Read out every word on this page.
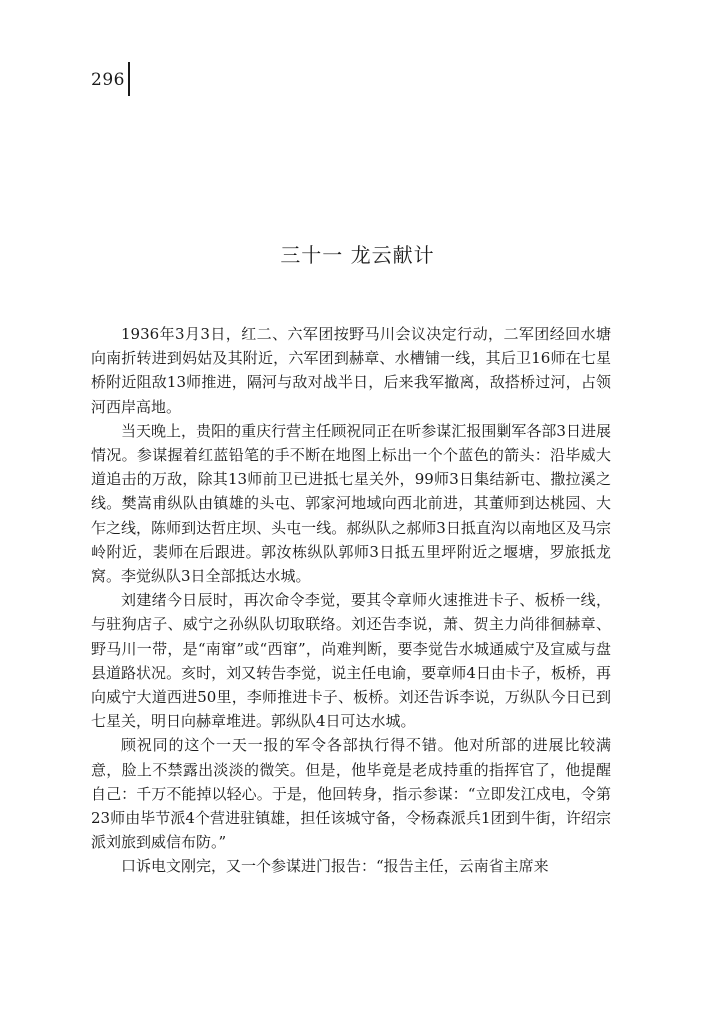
296
三十一 龙云献计

1936年3月3日，红二、六军团按野马川会议决定行动，二军团经回水塘向南折转进到妈姑及其附近，六军团到赫章、水槽铺一线，其后卫16师在七星桥附近阻敌13师推进，隔河与敌对战半日，后来我军撤离，敌搭桥过河，占领河西岸高地。

当天晚上，贵阳的重庆行营主任顾祝同正在听参谋汇报围剿军各部3日进展情况。参谋握着红蓝铅笔的手不断在地图上标出一个个蓝色的箭头：沿毕威大道追击的万敌，除其13师前卫已进抵七星关外，99师3日集结新屯、撒拉溪之线。樊嵩甫纵队由镇雄的头屯、郭家河地域向西北前进，其董师到达桃园、大乍之线，陈师到达哲庄坝、头屯一线。郝纵队之郝师3日抵直沟以南地区及马宗岭附近，裴师在后跟进。郭汝栋纵队郭师3日抵五里坪附近之堰塘，罗旅抵龙窝。李觉纵队3日全部抵达水城。

刘建绪今日辰时，再次命令李觉，要其令章师火速推进卡子、板桥一线，与驻狗店子、威宁之孙纵队切取联络。刘还告李说，萧、贺主力尚徘徊赫章、野马川一带，是“南窜”或“西窜”，尚难判断，要李觉告水城通威宁及宣威与盘县道路状况。亥时，刘又转告李觉，说主任电谕，要章师4日由卡子，板桥，再向威宁大道西进50里，李师推进卡子、板桥。刘还告诉李说，万纵队今日已到七星关，明日向赫章堆进。郭纵队4日可达水城。

顾祝同的这个一天一报的军令各部执行得不错。他对所部的进展比较满意，脸上不禁露出淡淡的微笑。但是，他毕竟是老成持重的指挥官了，他提醒自己：千万不能掉以轻心。于是，他回转身，指示参谋：“立即发江戍电，令第23师由毕节派4个营进驻镇雄，担任该城守备，令杨森派兵1团到牛街，许绍宗派刘旅到威信布防。”

口诉电文刚完，又一个参谋进门报告：“报告主任，云南省主席来
